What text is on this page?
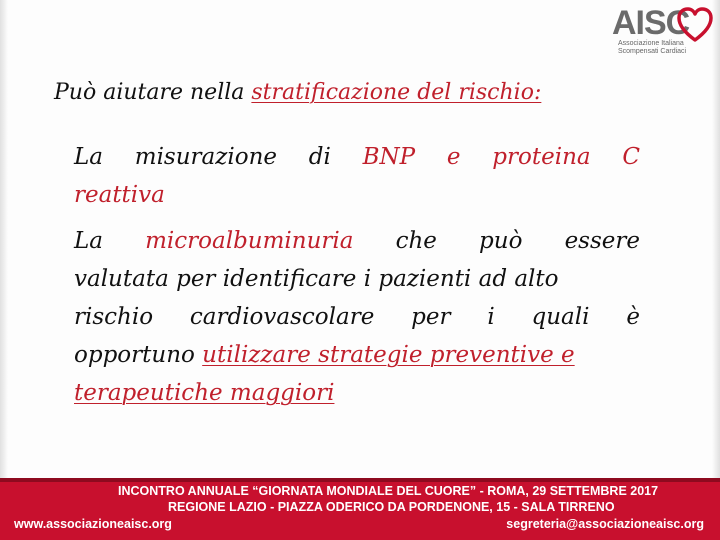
AISC
Associazione Italiana
Scompensati Cardiaci
Può aiutare nella stratificazione del rischio:
La misurazione di BNP e proteina C
reattiva
La microalbuminuria che può essere
valutata per identificare i pazienti ad alto
rischio cardiovascolare per i quali è
opportuno utilizzare strategie preventive e
terapeutiche maggiori
INCONTRO ANNUALE “GIORNATA MONDIALE DEL CUORE” - ROMA, 29 SETTEMBRE 2017
REGIONE LAZIO - PIAZZA ODERICO DA PORDENONE, 15 - SALA TIRRENO
www.associazioneaisc.org	segreteria@associazioneaisc.org
